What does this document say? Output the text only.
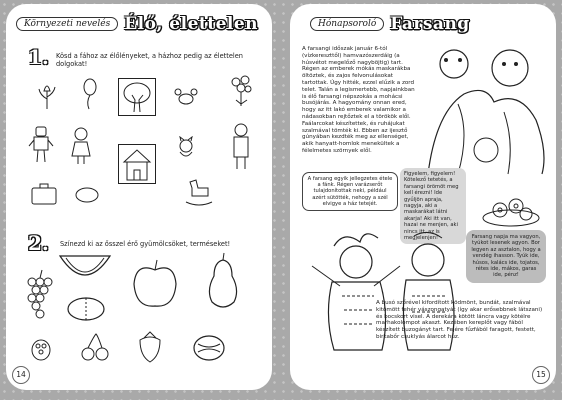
Környezeti nevelés Élő, élettelen
1. Kösd a fához az élőlényeket, a házhoz pedig az élettelen dolgokat!
2. Színezd ki az ősszel érő gyümölcsöket, terméseket!
14
Hónapsoroló Farsang
A farsangi időszak január 6-tól (vízkereszttől) hamvazószerdáig (a húsvétot megelőző nagyböjtig) tart. Régen az emberek mókás maskarákba öltöztek, és zajos felvonulásokat tartottak. Úgy hitték, ezzel elűzik a zord telet. Talán a legismertebb, napjainkban is élő farsangi népszokás a mohácsi busójárás. A hagyomány onnan ered, hogy az itt lakó emberek valamikor a nádasokban rejtőztek el a törökök elől. Faálarcokat készítettek, és ruhájukat szalmával tömték ki. Ebben az ijesztő gúnyában kezdték meg az ellenséget, akik hanyatt-homlok menekültek a félelmetes szörnyek elől.
A farsang egyik jellegzetes étele a fánk. Régen varázserőt tulajdonítottak neki, például azért sütötték, nehogy a szél elvigye a ház tetejét.
Figyelem, figyelem! Kötelező tetetés, a farsangi örömöt meg kell érezni! Ide gyűljön apraja, nagyja, aki a maskarákat látni akarja! Aki itt van, hazai ne menjen, aki nincs itt, az is megjelenjen!	Farsang napja ma vagyon, tyúkot lesenek agyon. Bor legyen az asztalon, hogy a vendég ihasson. Tyúk ide, húsos, kalács ide, tojatos, rétes ide, mákos, garas ide, pénz!
A busó szőrével kifordított ködmönt, bundát, szalmával kitömött fehér vászongatyát (így akar erősebbnek látszani) és bocskort visel. A derekára kötött láncra vagy kötélre marhakolompot akaszt. Kezében kereplőt vagy fából készített buzogányt tart. Fejére fűzfából faragott, festett, birkabőr csuklyás álarcot húz.
15
